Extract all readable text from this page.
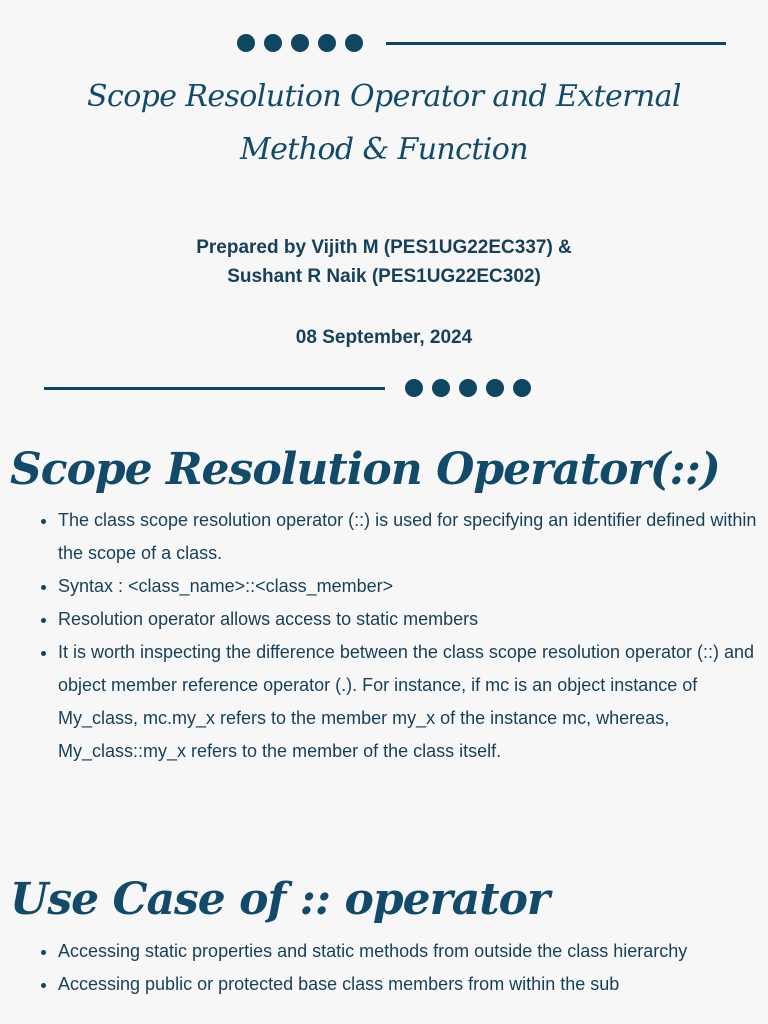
Scope Resolution Operator and External
Method & Function
Prepared by Vijith M (PES1UG22EC337) &
Sushant R Naik (PES1UG22EC302)
08 September, 2024
Scope Resolution Operator(::)
• The class scope resolution operator (::) is used for specifying an identifier defined within the scope of a class.
• Syntax : <class_name>::<class_member>
• Resolution operator allows access to static members
• It is worth inspecting the difference between the class scope resolution operator (::) and object member reference operator (.). For instance, if mc is an object instance of My_class, mc.my_x refers to the member my_x of the instance mc, whereas, My_class::my_x refers to the member of the class itself.
Use Case of :: operator
• Accessing static properties and static methods from outside the class hierarchy
• Accessing public or protected base class members from within the sub
